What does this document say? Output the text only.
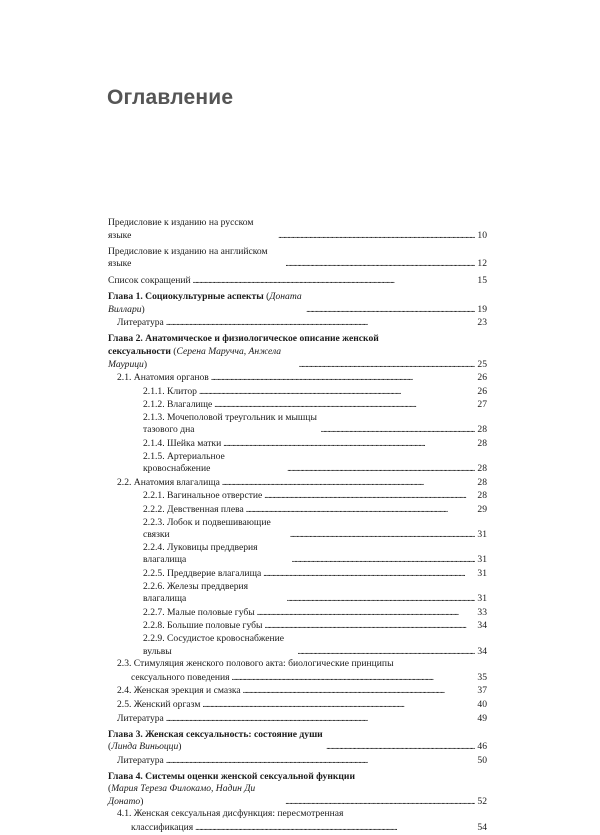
Оглавление
Предисловие к изданию на русском языке . . .	10
Предисловие к изданию на английском языке . . .	12
Список сокращений . . .	15
Глава 1. Социокультурные аспекты (Доната Виллари) . . .	19
Литература . . .	23
Глава 2. Анатомическое и физиологическое описание женской
сексуальности (Серена Маручча, Анжела Маурици) . . .	25
2.1. Анатомия органов . . .	26
2.1.1. Клитор . . .	26
2.1.2. Влагалище . . .	27
2.1.3. Мочеполовой треугольник и мышцы тазового дна . . .	28
2.1.4. Шейка матки . . .	28
2.1.5. Артериальное кровоснабжение . . .	28
2.2. Анатомия влагалища . . .	28
2.2.1. Вагинальное отверстие . . .	28
2.2.2. Девственная плева . . .	29
2.2.3. Лобок и подвешивающие связки . . .	31
2.2.4. Луковицы преддверия влагалища . . .	31
2.2.5. Преддверие влагалища . . .	31
2.2.6. Железы преддверия влагалища . . .	31
2.2.7. Малые половые губы . . .	33
2.2.8. Большие половые губы . . .	34
2.2.9. Сосудистое кровоснабжение вульвы . . .	34
2.3. Стимуляция женского полового акта: биологические принципы
сексуального поведения . . .	35
2.4. Женская эрекция и смазка . . .	37
2.5. Женский оргазм . . .	40
Литература . . .	49
Глава 3. Женская сексуальность: состояние души (Линда Виньоцци) . . .	46
Литература . . .	50
Глава 4. Системы оценки женской сексуальной функции
(Мария Тереза Филокамо, Надин Ди Донато) . . .	52
4.1. Женская сексуальная дисфункция: пересмотренная
классификация . . .	54
